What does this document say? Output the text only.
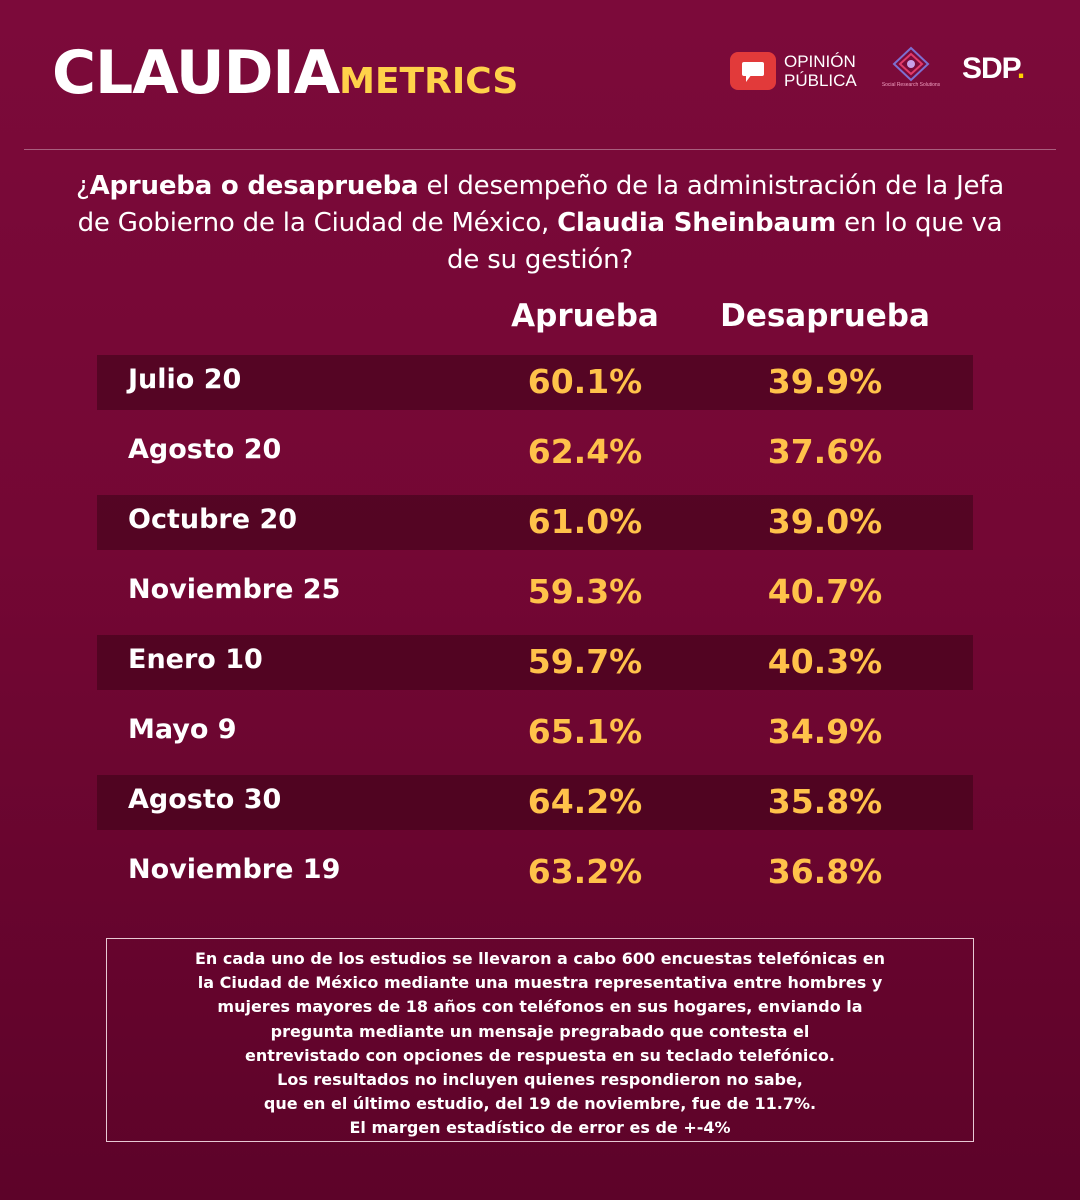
CLAUDIAMETRICS	OPINIÓN
PÚBLICA	Social Research Solutions SDP.
¿Aprueba o desaprueba el desempeño de la administración de la Jefa de Gobierno de la Ciudad de México, Claudia Sheinbaum en lo que va de su gestión?
Aprueba	Desaprueba
Julio 20	60.1%	39.9%
Agosto 20	62.4%	37.6%
Octubre 20	61.0%	39.0%
Noviembre 25	59.3%	40.7%
Enero 10	59.7%	40.3%
Mayo 9	65.1%	34.9%
Agosto 30	64.2%	35.8%
Noviembre 19	63.2%	36.8%
En cada uno de los estudios se llevaron a cabo 600 encuestas telefónicas en
la Ciudad de México mediante una muestra representativa entre hombres y
mujeres mayores de 18 años con teléfonos en sus hogares, enviando la
pregunta mediante un mensaje pregrabado que contesta el
entrevistado con opciones de respuesta en su teclado telefónico.
Los resultados no incluyen quienes respondieron no sabe,
que en el último estudio, del 19 de noviembre, fue de 11.7%.
El margen estadístico de error es de +-4%
